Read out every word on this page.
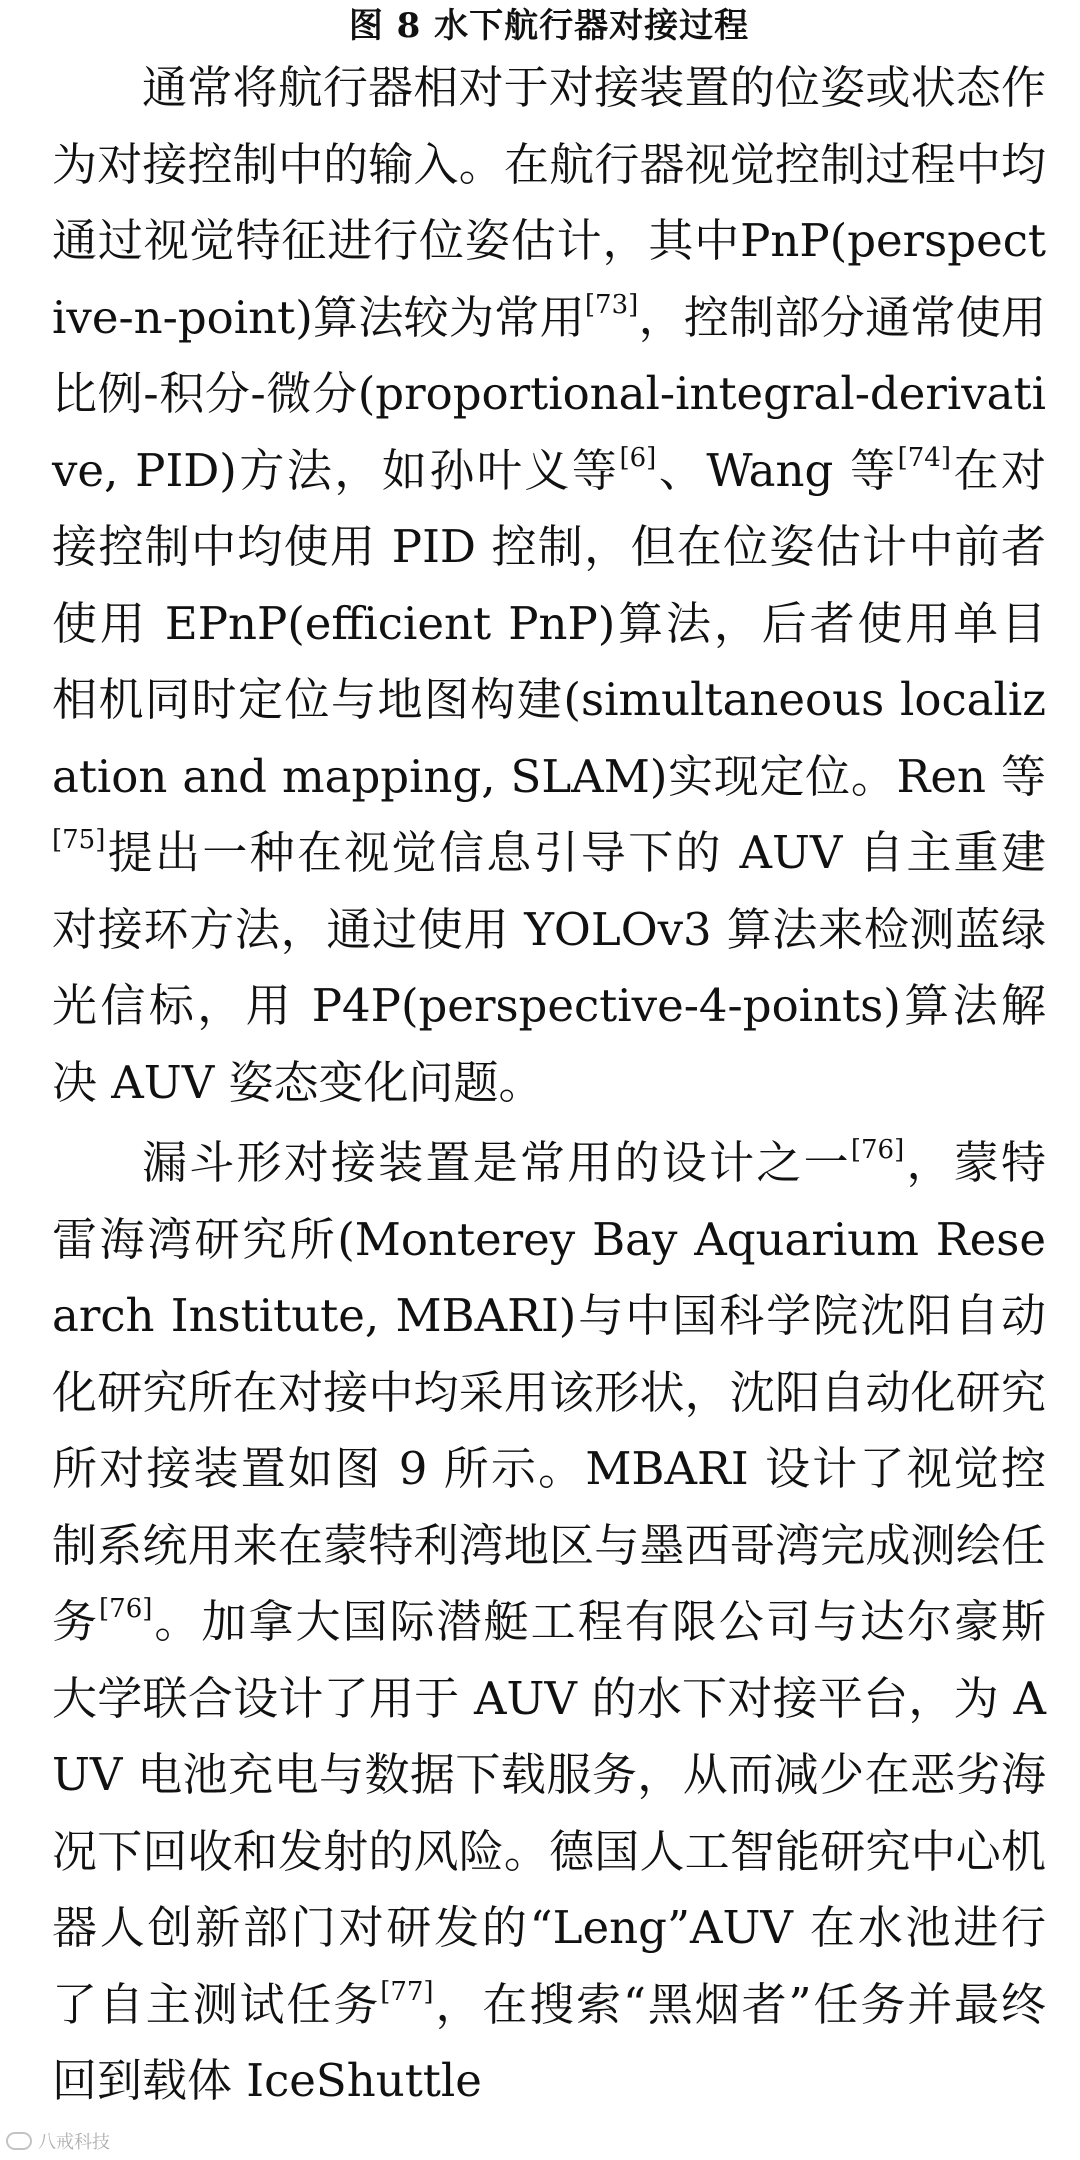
图 8 水下航行器对接过程

通常将航行器相对于对接装置的位姿或状态作为对接控制中的输入。在航行器视觉控制过程中均通过视觉特征进行位姿估计，其中PnP(perspective-n-point)算法较为常用[73]，控制部分通常使用比例-积分-微分(proportional-integral-derivative, PID)方法，如孙叶义等[6]、Wang 等[74]在对接控制中均使用 PID 控制，但在位姿估计中前者使用 EPnP(efficient PnP)算法，后者使用单目相机同时定位与地图构建(simultaneous localization and mapping, SLAM)实现定位。Ren 等[75]提出一种在视觉信息引导下的 AUV 自主重建对接环方法，通过使用 YOLOv3 算法来检测蓝绿光信标，用 P4P(perspective-4-points)算法解决 AUV 姿态变化问题。

漏斗形对接装置是常用的设计之一[76]，蒙特雷海湾研究所(Monterey Bay Aquarium Research Institute, MBARI)与中国科学院沈阳自动化研究所在对接中均采用该形状，沈阳自动化研究所对接装置如图 9 所示。MBARI 设计了视觉控制系统用来在蒙特利湾地区与墨西哥湾完成测绘任务[76]。加拿大国际潜艇工程有限公司与达尔豪斯大学联合设计了用于 AUV 的水下对接平台，为 AUV 电池充电与数据下载服务，从而减少在恶劣海况下回收和发射的风险。德国人工智能研究中心机器人创新部门对研发的“Leng”AUV 在水池进行了自主测试任务[77]，在搜索“黑烟者”任务并最终回到载体 IceShuttle

八戒科技
